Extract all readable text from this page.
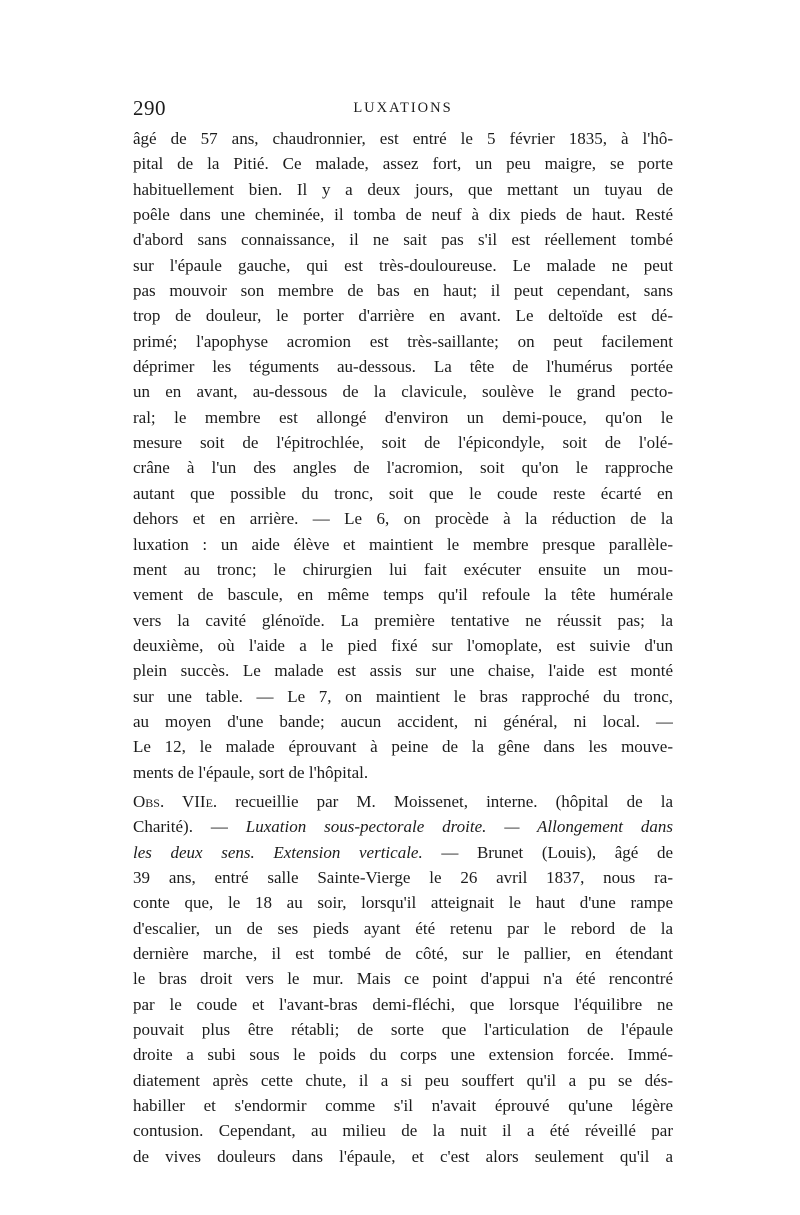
290	LUXATIONS
âgé de 57 ans, chaudronnier, est entré le 5 février 1835, à l'hô-
pital de la Pitié. Ce malade, assez fort, un peu maigre, se porte
habituellement bien. Il y a deux jours, que mettant un tuyau de
poêle dans une cheminée, il tomba de neuf à dix pieds de haut. Resté
d'abord sans connaissance, il ne sait pas s'il est réellement tombé
sur l'épaule gauche, qui est très-douloureuse. Le malade ne peut
pas mouvoir son membre de bas en haut; il peut cependant, sans
trop de douleur, le porter d'arrière en avant. Le deltoïde est dé-
primé; l'apophyse acromion est très-saillante; on peut facilement
déprimer les téguments au-dessous. La tête de l'humérus portée
un en avant, au-dessous de la clavicule, soulève le grand pecto-
ral; le membre est allongé d'environ un demi-pouce, qu'on le
mesure soit de l'épitrochlée, soit de l'épicondyle, soit de l'olé-
crâne à l'un des angles de l'acromion, soit qu'on le rapproche
autant que possible du tronc, soit que le coude reste écarté en
dehors et en arrière. — Le 6, on procède à la réduction de la
luxation : un aide élève et maintient le membre presque parallèle-
ment au tronc; le chirurgien lui fait exécuter ensuite un mou-
vement de bascule, en même temps qu'il refoule la tête humérale
vers la cavité glénoïde. La première tentative ne réussit pas; la
deuxième, où l'aide a le pied fixé sur l'omoplate, est suivie d'un
plein succès. Le malade est assis sur une chaise, l'aide est monté
sur une table. — Le 7, on maintient le bras rapproché du tronc,
au moyen d'une bande; aucun accident, ni général, ni local. —
Le 12, le malade éprouvant à peine de la gêne dans les mouve-
ments de l'épaule, sort de l'hôpital.
Obs. VIIe. recueillie par M. Moissenet, interne. (hôpital de la
Charité). — Luxation sous-pectorale droite. — Allongement dans
les deux sens. Extension verticale. — Brunet (Louis), âgé de
39 ans, entré salle Sainte-Vierge le 26 avril 1837, nous ra-
conte que, le 18 au soir, lorsqu'il atteignait le haut d'une rampe
d'escalier, un de ses pieds ayant été retenu par le rebord de la
dernière marche, il est tombé de côté, sur le pallier, en étendant
le bras droit vers le mur. Mais ce point d'appui n'a été rencontré
par le coude et l'avant-bras demi-fléchi, que lorsque l'équilibre ne
pouvait plus être rétabli; de sorte que l'articulation de l'épaule
droite a subi sous le poids du corps une extension forcée. Immé-
diatement après cette chute, il a si peu souffert qu'il a pu se dés-
habiller et s'endormir comme s'il n'avait éprouvé qu'une légère
contusion. Cependant, au milieu de la nuit il a été réveillé par
de vives douleurs dans l'épaule, et c'est alors seulement qu'il a
